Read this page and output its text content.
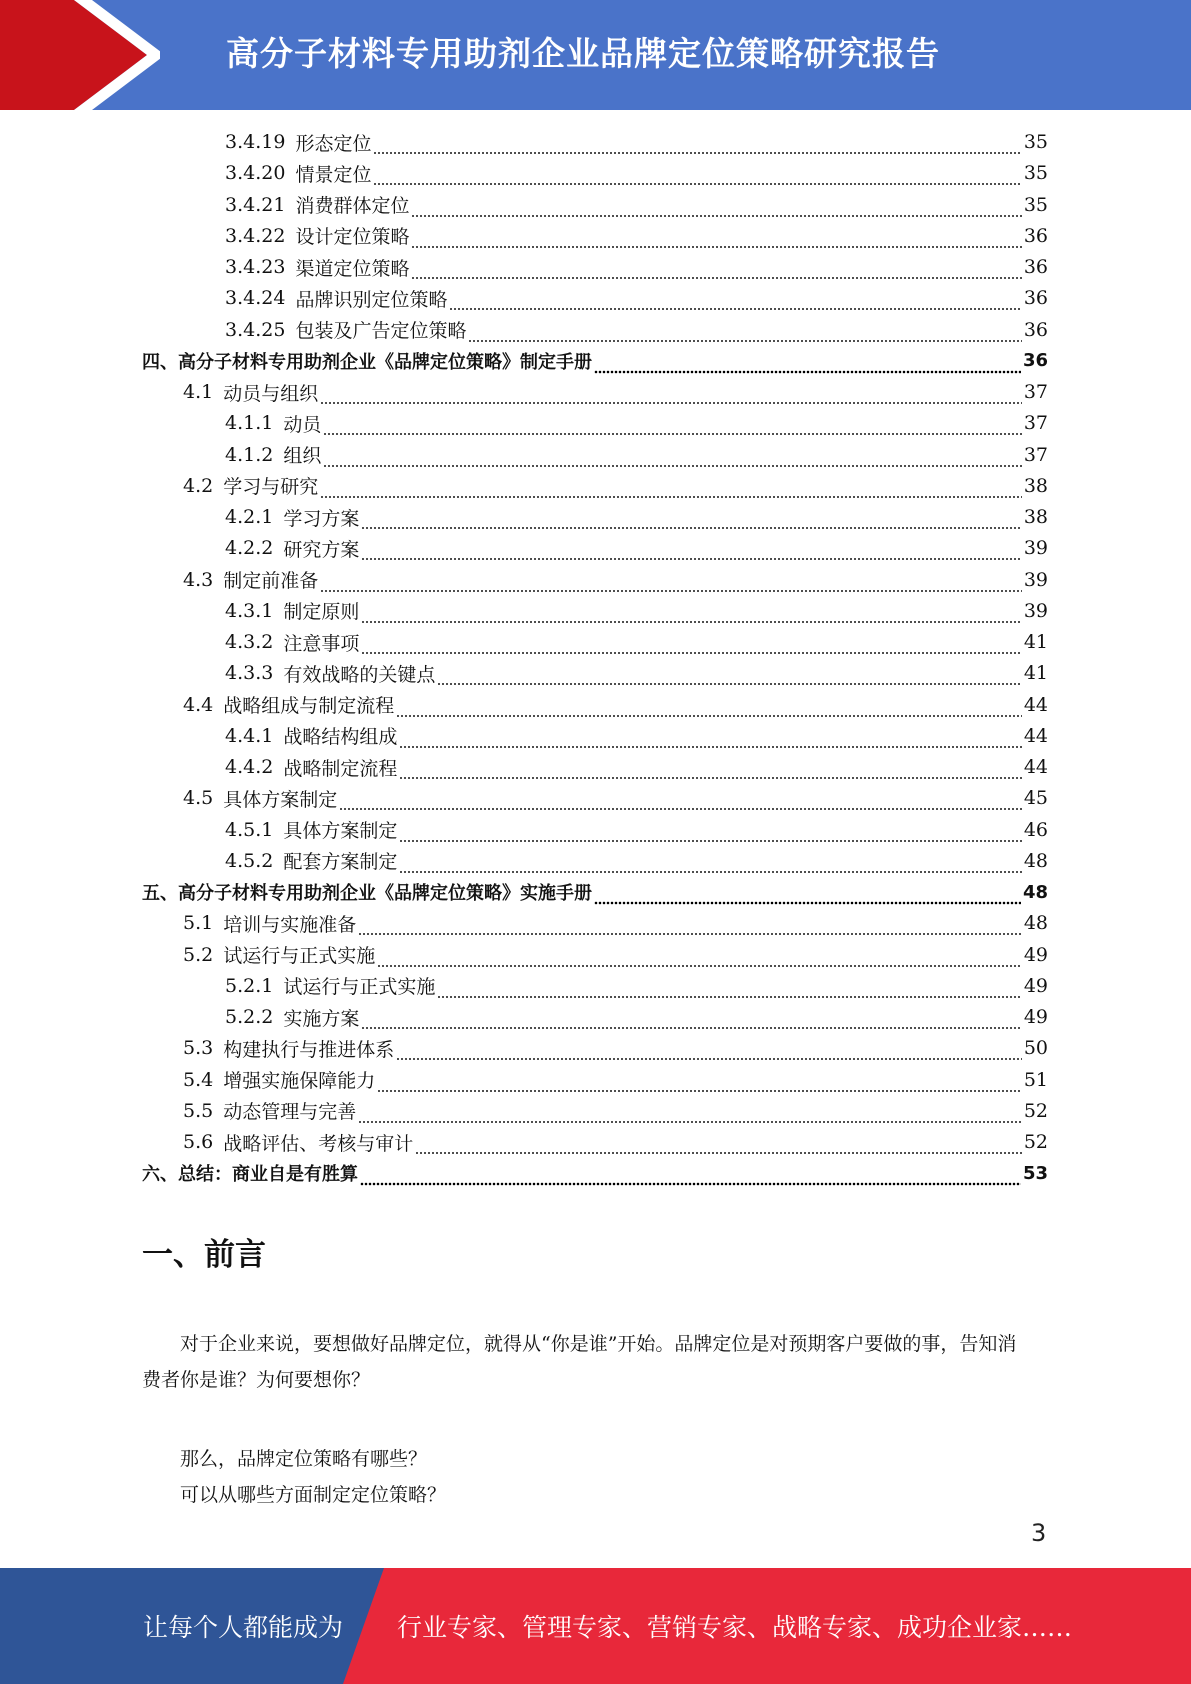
高分子材料专用助剂企业品牌定位策略研究报告
3.4.19 形态定位	35
3.4.20 情景定位	35
3.4.21 消费群体定位	35
3.4.22 设计定位策略	36
3.4.23 渠道定位策略	36
3.4.24 品牌识别定位策略	36
3.4.25 包装及广告定位策略	36
四、高分子材料专用助剂企业《品牌定位策略》制定手册	36
4.1 动员与组织	37
4.1.1 动员	37
4.1.2 组织	37
4.2 学习与研究	38
4.2.1 学习方案	38
4.2.2 研究方案	39
4.3 制定前准备	39
4.3.1 制定原则	39
4.3.2 注意事项	41
4.3.3 有效战略的关键点	41
4.4 战略组成与制定流程	44
4.4.1 战略结构组成	44
4.4.2 战略制定流程	44
4.5 具体方案制定	45
4.5.1 具体方案制定	46
4.5.2 配套方案制定	48
五、高分子材料专用助剂企业《品牌定位策略》实施手册	48
5.1 培训与实施准备	48
5.2 试运行与正式实施	49
5.2.1 试运行与正式实施	49
5.2.2 实施方案	49
5.3 构建执行与推进体系	50
5.4 增强实施保障能力	51
5.5 动态管理与完善	52
5.6 战略评估、考核与审计	52
六、总结：商业自是有胜算	53
一、前言
对于企业来说，要想做好品牌定位，就得从“你是谁”开始。品牌定位是对预期客户要做的事，告知消费者你是谁？为何要想你？
那么，品牌定位策略有哪些？
可以从哪些方面制定定位策略？
3
让每个人都能成为 行业专家、管理专家、营销专家、战略专家、成功企业家……
